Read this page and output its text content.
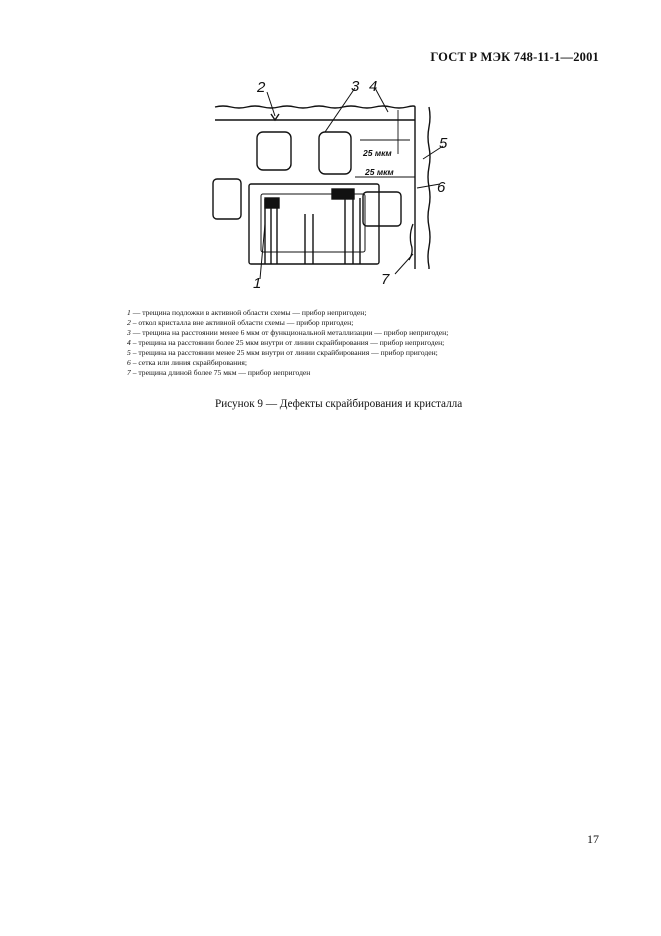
ГОСТ Р МЭК 748-11-1—2001
1
2	3 4
5
6
7
25 мкм
25 мкм
1 — трещина подложки в активной области схемы — прибор непригоден;
2 – откол кристалла вне активной области схемы — прибор пригоден;
3 — трещина на расстоянии менее 6 мкм от функциональной металлизации — прибор непригоден;
4 – трещина на расстоянии более 25 мкм внутри от линии скрайбирования — прибор непригоден;
5 – трещина на расстоянии менее 25 мкм внутри от линии скрайбирования — прибор пригоден;
6 – сетка или линия скрайбирования;
7 – трещина длиной более 75 мкм — прибор непригоден
Рисунок 9 — Дефекты скрайбирования и кристалла
17
